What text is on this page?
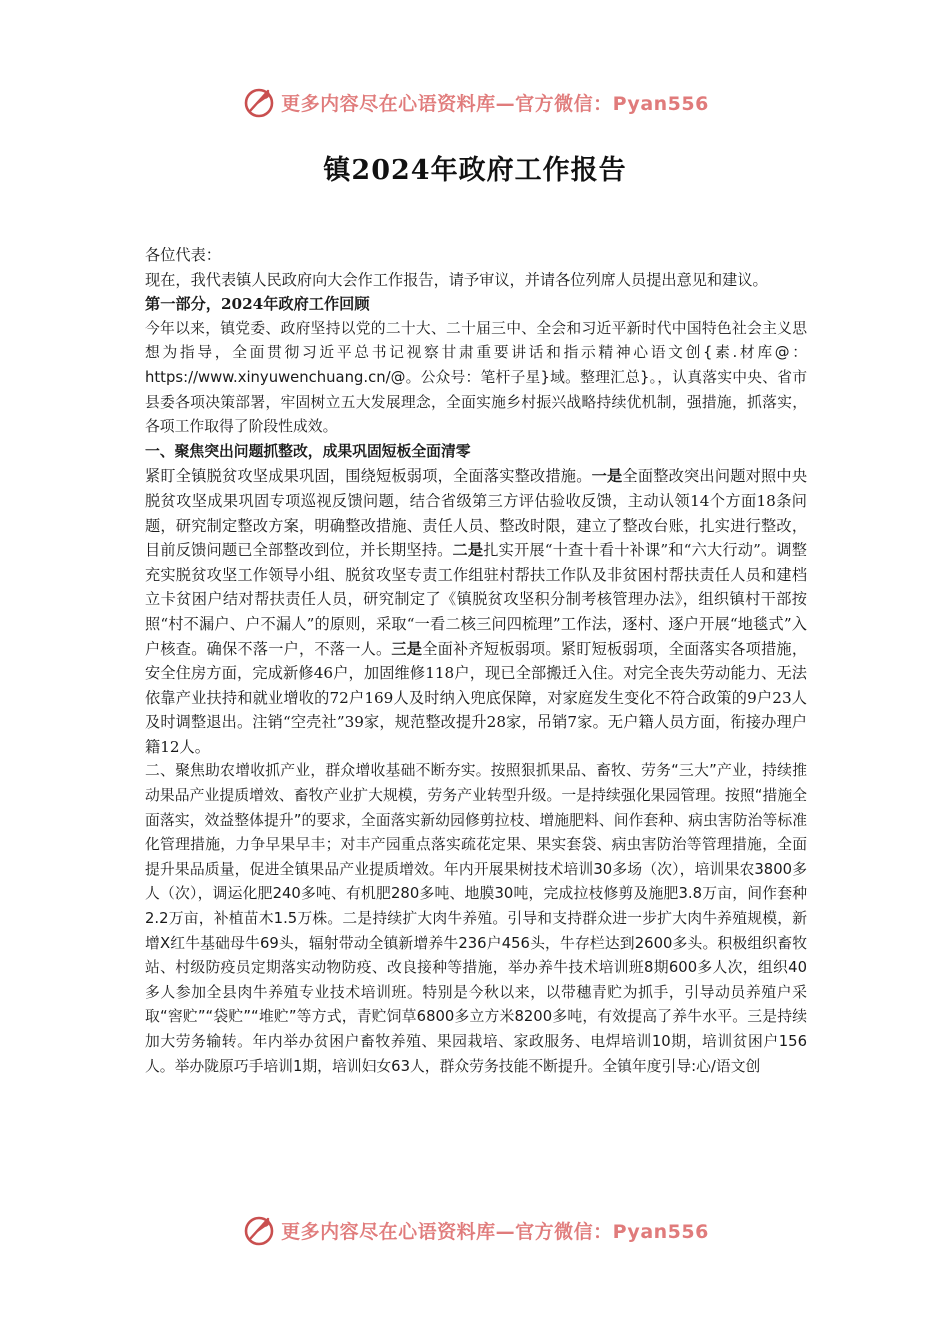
更多内容尽在心语资料库—官方微信：Pyan556
镇2024年政府工作报告

各位代表：

现在，我代表镇人民政府向大会作工作报告，请予审议，并请各位列席人员提出意见和建议。

第一部分，2024年政府工作回顾

今年以来，镇党委、政府坚持以党的二十大、二十届三中、全会和习近平新时代中国特色社会主义思想为指导，全面贯彻习近平总书记视察甘肃重要讲话和指示精神心语文创{素.材库@：https://www.xinyuwenchuang.cn/@。公众号：笔杆子星}域。整理汇总}。，认真落实中央、省市县委各项决策部署，牢固树立五大发展理念，全面实施乡村振兴战略持续优机制，强措施，抓落实，各项工作取得了阶段性成效。

一、聚焦突出问题抓整改，成果巩固短板全面清零

紧盯全镇脱贫攻坚成果巩固，围绕短板弱项，全面落实整改措施。一是全面整改突出问题对照中央脱贫攻坚成果巩固专项巡视反馈问题，结合省级第三方评估验收反馈，主动认领14个方面18条问题，研究制定整改方案，明确整改措施、责任人员、整改时限，建立了整改台账，扎实进行整改，目前反馈问题已全部整改到位，并长期坚持。二是扎实开展“十查十看十补课”和“六大行动”。调整充实脱贫攻坚工作领导小组、脱贫攻坚专责工作组驻村帮扶工作队及非贫困村帮扶责任人员和建档立卡贫困户结对帮扶责任人员，研究制定了《镇脱贫攻坚积分制考核管理办法》，组织镇村干部按照“村不漏户、户不漏人”的原则，采取“一看二核三问四梳理”工作法，逐村、逐户开展“地毯式”入户核查。确保不落一户，不落一人。三是全面补齐短板弱项。紧盯短板弱项，全面落实各项措施，安全住房方面，完成新修46户，加固维修118户，现已全部搬迁入住。对完全丧失劳动能力、无法依靠产业扶持和就业增收的72户169人及时纳入兜底保障，对家庭发生变化不符合政策的9户23人及时调整退出。注销“空壳社”39家，规范整改提升28家，吊销7家。无户籍人员方面，衔接办理户籍12人。

二、聚焦助农增收抓产业，群众增收基础不断夯实。按照狠抓果品、畜牧、劳务“三大”产业，持续推动果品产业提质增效、畜牧产业扩大规模，劳务产业转型升级。一是持续强化果园管理。按照“措施全面落实，效益整体提升”的要求，全面落实新幼园修剪拉枝、增施肥料、间作套种、病虫害防治等标准化管理措施，力争早果早丰；对丰产园重点落实疏花定果、果实套袋、病虫害防治等管理措施，全面提升果品质量，促进全镇果品产业提质增效。年内开展果树技术培训30多场（次），培训果农3800多人（次），调运化肥240多吨、有机肥280多吨、地膜30吨，完成拉枝修剪及施肥3.8万亩，间作套种2.2万亩，补植苗木1.5万株。二是持续扩大肉牛养殖。引导和支持群众进一步扩大肉牛养殖规模，新增X红牛基础母牛69头，辐射带动全镇新增养牛236户456头，牛存栏达到2600多头。积极组织畜牧站、村级防疫员定期落实动物防疫、改良接种等措施，举办养牛技术培训班8期600多人次，组织40多人参加全县肉牛养殖专业技术培训班。特别是今秋以来，以带穗青贮为抓手，引导动员养殖户采取“窖贮”“袋贮”“堆贮”等方式，青贮饲草6800多立方米8200多吨，有效提高了养牛水平。三是持续加大劳务输转。年内举办贫困户畜牧养殖、果园栽培、家政服务、电焊培训10期，培训贫困户156人。举办陇原巧手培训1期，培训妇女63人，群众劳务技能不断提升。全镇年度引导:心/语文创

更多内容尽在心语资料库—官方微信：Pyan556
